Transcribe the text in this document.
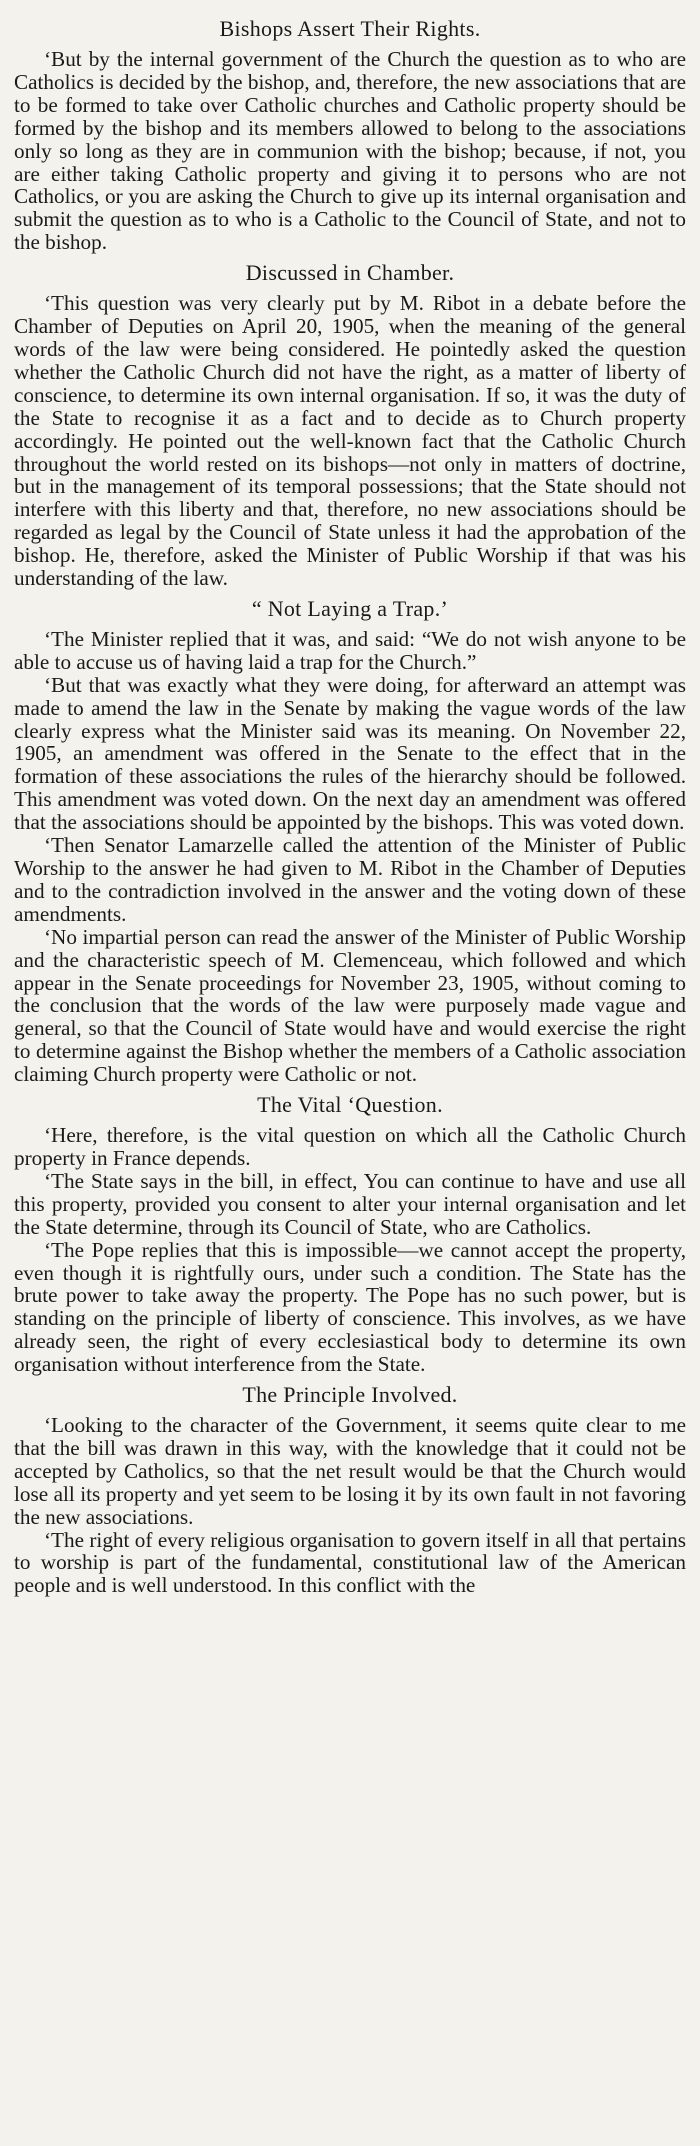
Bishops Assert Their Rights.

‘But by the internal government of the Church the question as to who are Catholics is decided by the bishop, and, therefore, the new associations that are to be formed to take over Catholic churches and Catholic property should be formed by the bishop and its members allowed to belong to the associations only so long as they are in communion with the bishop; because, if not, you are either taking Catholic property and giving it to persons who are not Catholics, or you are asking the Church to give up its internal organisation and submit the question as to who is a Catholic to the Council of State, and not to the bishop.

Discussed in Chamber.

‘This question was very clearly put by M. Ribot in a debate before the Chamber of Deputies on April 20, 1905, when the meaning of the general words of the law were being considered. He pointedly asked the question whether the Catholic Church did not have the right, as a matter of liberty of conscience, to determine its own internal organisation. If so, it was the duty of the State to recognise it as a fact and to decide as to Church property accordingly. He pointed out the well-known fact that the Catholic Church throughout the world rested on its bishops—not only in matters of doctrine, but in the management of its temporal possessions; that the State should not interfere with this liberty and that, therefore, no new associations should be regarded as legal by the Council of State unless it had the approbation of the bishop. He, therefore, asked the Minister of Public Worship if that was his understanding of the law.

“ Not Laying a Trap.’

‘The Minister replied that it was, and said: “We do not wish anyone to be able to accuse us of having laid a trap for the Church.”

‘But that was exactly what they were doing, for afterward an attempt was made to amend the law in the Senate by making the vague words of the law clearly express what the Minister said was its meaning. On November 22, 1905, an amendment was offered in the Senate to the effect that in the formation of these associations the rules of the hierarchy should be followed. This amendment was voted down. On the next day an amendment was offered that the associations should be appointed by the bishops. This was voted down.

‘Then Senator Lamarzelle called the attention of the Minister of Public Worship to the answer he had given to M. Ribot in the Chamber of Deputies and to the contradiction involved in the answer and the voting down of these amendments.

‘No impartial person can read the answer of the Minister of Public Worship and the characteristic speech of M. Clemenceau, which followed and which appear in the Senate proceedings for November 23, 1905, without coming to the conclusion that the words of the law were purposely made vague and general, so that the Council of State would have and would exercise the right to determine against the Bishop whether the members of a Catholic association claiming Church property were Catholic or not.

The Vital ‘Question.

‘Here, therefore, is the vital question on which all the Catholic Church property in France depends.

‘The State says in the bill, in effect, You can continue to have and use all this property, provided you consent to alter your internal organisation and let the State determine, through its Council of State, who are Catholics.

‘The Pope replies that this is impossible—we cannot accept the property, even though it is rightfully ours, under such a condition. The State has the brute power to take away the property. The Pope has no such power, but is standing on the principle of liberty of conscience. This involves, as we have already seen, the right of every ecclesiastical body to determine its own organisation without interference from the State.

The Principle Involved.

‘Looking to the character of the Government, it seems quite clear to me that the bill was drawn in this way, with the knowledge that it could not be accepted by Catholics, so that the net result would be that the Church would lose all its property and yet seem to be losing it by its own fault in not favoring the new associations.

‘The right of every religious organisation to govern itself in all that pertains to worship is part of the fundamental, constitutional law of the American people and is well understood. In this conflict with the
